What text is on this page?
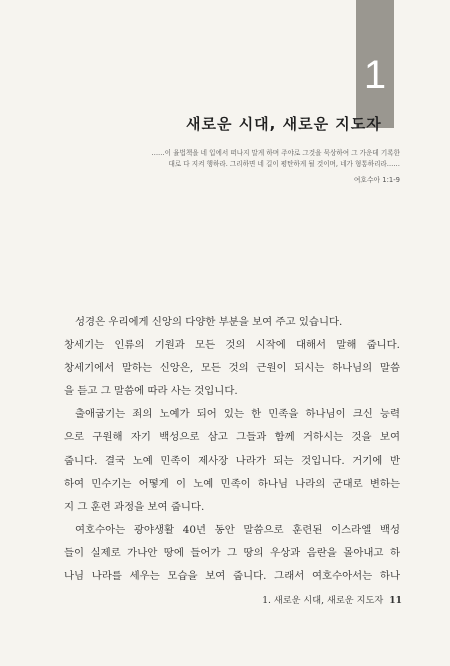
1
새로운 시대, 새로운 지도자
……이 율법책을 네 입에서 떠나지 말게 하며 주야로 그것을 묵상하여 그 가운데 기록한
대로 다 지켜 행하라. 그리하면 네 길이 평탄하게 될 것이며, 네가 형통하리라……
여호수아 1:1-9
성경은 우리에게 신앙의 다양한 부분을 보여 주고 있습니다.
창세기는 인류의 기원과 모든 것의 시작에 대해서 말해 줍니다.
창세기에서 말하는 신앙은, 모든 것의 근원이 되시는 하나님의 말씀
을 듣고 그 말씀에 따라 사는 것입니다.
출애굽기는 죄의 노예가 되어 있는 한 민족을 하나님이 크신 능력
으로 구원해 자기 백성으로 삼고 그들과 함께 거하시는 것을 보여
줍니다. 결국 노예 민족이 제사장 나라가 되는 것입니다. 거기에 반
하여 민수기는 어떻게 이 노예 민족이 하나님 나라의 군대로 변하는
지 그 훈련 과정을 보여 줍니다.
여호수아는 광야생활 40년 동안 말씀으로 훈련된 이스라엘 백성
들이 실제로 가나안 땅에 들어가 그 땅의 우상과 음란을 몰아내고 하
나님 나라를 세우는 모습을 보여 줍니다. 그래서 여호수아서는 하나
1. 새로운 시대, 새로운 지도자 11
